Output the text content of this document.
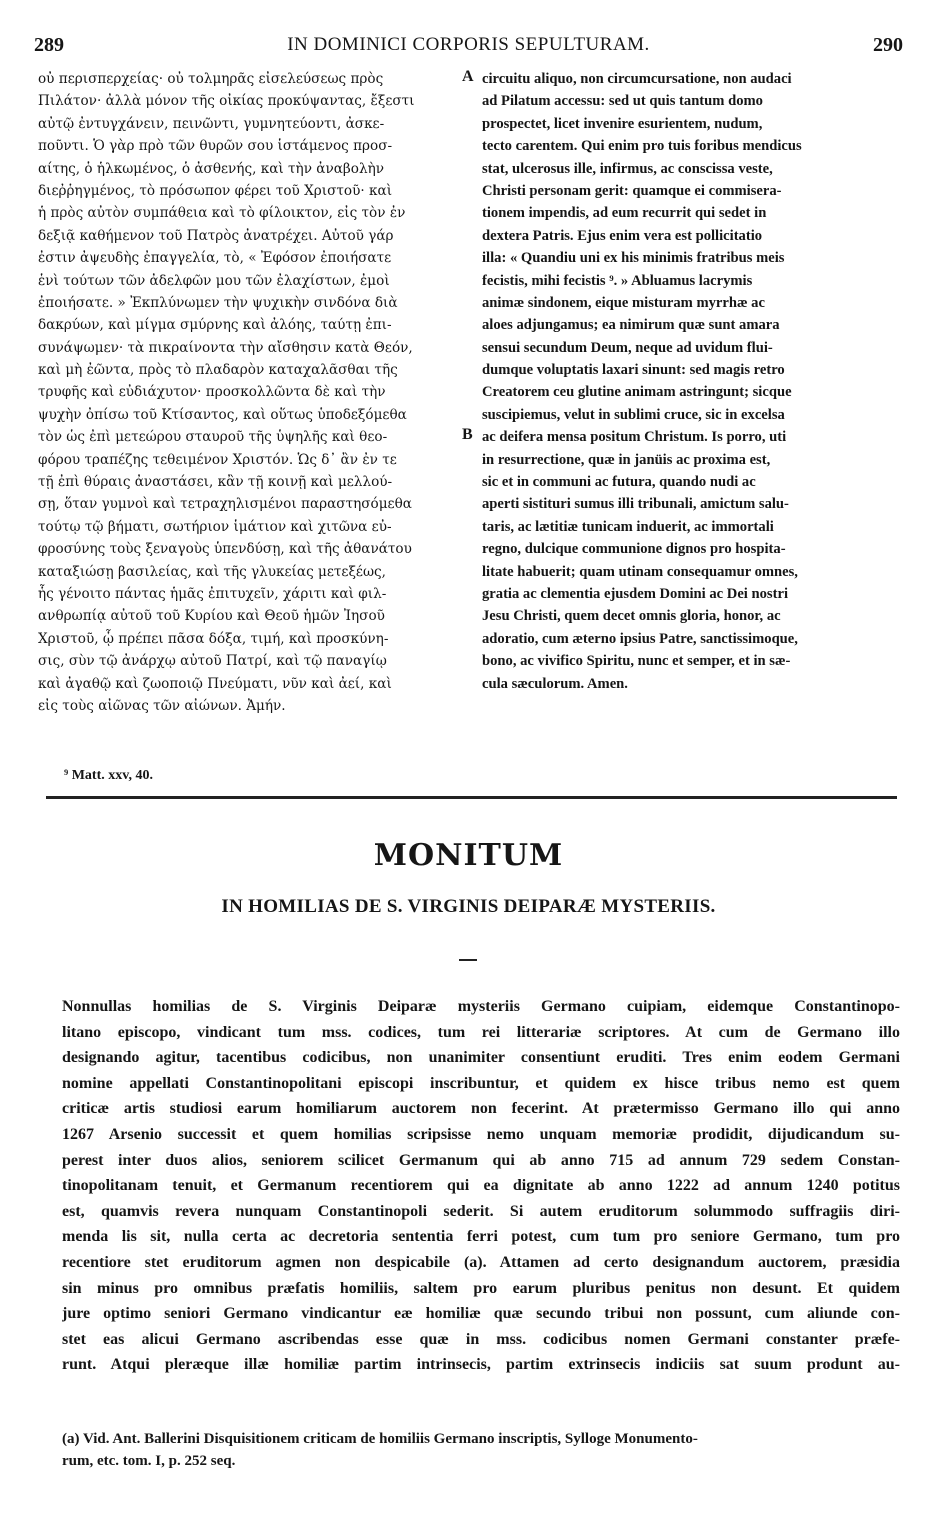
289	IN DOMINICI CORPORIS SEPULTURAM.	290
A
B
οὐ περισπερχείας· οὐ τολμηρᾶς εἰσελεύσεως πρὸς
Πιλάτον· ἀλλὰ μόνον τῆς οἰκίας προκύψαντας, ἔξεστι
αὐτῷ ἐντυγχάνειν, πεινῶντι, γυμνητεύοντι, ἀσκε-
ποῦντι. Ὁ γὰρ πρὸ τῶν θυρῶν σου ἱστάμενος προσ-
αίτης, ὁ ἡλκωμένος, ὁ ἀσθενής, καὶ τὴν ἀναβολὴν
διεῤῥηγμένος, τὸ πρόσωπον φέρει τοῦ Χριστοῦ· καὶ
ἡ πρὸς αὐτὸν συμπάθεια καὶ τὸ φίλοικτον, εἰς τὸν ἐν
δεξιᾷ καθήμενον τοῦ Πατρὸς ἀνατρέχει. Αὐτοῦ γάρ
ἐστιν ἀψευδὴς ἐπαγγελία, τὸ, « Ἐφόσον ἐποιήσατε
ἑνὶ τούτων τῶν ἀδελφῶν μου τῶν ἐλαχίστων, ἐμοὶ
ἐποιήσατε. » Ἐκπλύνωμεν τὴν ψυχικὴν σινδόνα διὰ
δακρύων, καὶ μίγμα σμύρνης καὶ ἀλόης, ταύτῃ ἐπι-
συνάψωμεν· τὰ πικραίνοντα τὴν αἴσθησιν κατὰ Θεόν,
καὶ μὴ ἐῶντα, πρὸς τὸ πλαδαρὸν καταχαλᾶσθαι τῆς
τρυφῆς καὶ εὐδιάχυτον· προσκολλῶντα δὲ καὶ τὴν
ψυχὴν ὀπίσω τοῦ Κτίσαντος, καὶ οὕτως ὑποδεξόμεθα
τὸν ὡς ἐπὶ μετεώρου σταυροῦ τῆς ὑψηλῆς καὶ θεο-
φόρου τραπέζης τεθειμένον Χριστόν. Ὡς δ᾽ ἂν ἐν τε
τῇ ἐπὶ θύραις ἀναστάσει, κἂν τῇ κοινῇ καὶ μελλού-
σῃ, ὅταν γυμνοὶ καὶ τετραχηλισμένοι παραστησόμεθα
τούτῳ τῷ βήματι, σωτήριον ἱμάτιον καὶ χιτῶνα εὐ-
φροσύνης τοὺς ξεναγοὺς ὑπενδύσῃ, καὶ τῆς ἀθανάτου
καταξιώσῃ βασιλείας, καὶ τῆς γλυκείας μετεξέως,
ἧς γένοιτο πάντας ἡμᾶς ἐπιτυχεῖν, χάριτι καὶ φιλ-
ανθρωπίᾳ αὐτοῦ τοῦ Κυρίου καὶ Θεοῦ ἡμῶν Ἰησοῦ
Χριστοῦ, ᾧ πρέπει πᾶσα δόξα, τιμή, καὶ προσκύνη-
σις, σὺν τῷ ἀνάρχῳ αὐτοῦ Πατρί, καὶ τῷ παναγίῳ
καὶ ἀγαθῷ καὶ ζωοποιῷ Πνεύματι, νῦν καὶ ἀεί, καὶ
εἰς τοὺς αἰῶνας τῶν αἰώνων. Ἀμήν.
circuitu aliquo, non circumcursatione, non audaci
ad Pilatum accessu: sed ut quis tantum domo
prospectet, licet invenire esurientem, nudum,
tecto carentem. Qui enim pro tuis foribus mendicus
stat, ulcerosus ille, infirmus, ac conscissa veste,
Christi personam gerit: quamque ei commisera-
tionem impendis, ad eum recurrit qui sedet in
dextera Patris. Ejus enim vera est pollicitatio
illa: « Quandiu uni ex his minimis fratribus meis
fecistis, mihi fecistis ⁹. » Abluamus lacrymis
animæ sindonem, eique misturam myrrhæ ac
aloes adjungamus; ea nimirum quæ sunt amara
sensui secundum Deum, neque ad uvidum flui-
dumque voluptatis laxari sinunt: sed magis retro
Creatorem ceu glutine animam astringunt; sicque
suscipiemus, velut in sublimi cruce, sic in excelsa
ac deifera mensa positum Christum. Is porro, uti
in resurrectione, quæ in janüis ac proxima est,
sic et in communi ac futura, quando nudi ac
aperti sistituri sumus illi tribunali, amictum salu-
taris, ac lætitiæ tunicam induerit, ac immortali
regno, dulcique communione dignos pro hospita-
litate habuerit; quam utinam consequamur omnes,
gratia ac clementia ejusdem Domini ac Dei nostri
Jesu Christi, quem decet omnis gloria, honor, ac
adoratio, cum æterno ipsius Patre, sanctissimoque,
bono, ac vivifico Spiritu, nunc et semper, et in sæ-
cula sæculorum. Amen.
⁹ Matt. xxv, 40.
MONITUM
IN HOMILIAS DE S. VIRGINIS DEIPARÆ MYSTERIIS.
Nonnullas homilias de S. Virginis Deiparæ mysteriis Germano cuipiam, eidemque Constantinopo-
litano episcopo, vindicant tum mss. codices, tum rei litterariæ scriptores. At cum de Germano illo
designando agitur, tacentibus codicibus, non unanimiter consentiunt eruditi. Tres enim eodem Germani
nomine appellati Constantinopolitani episcopi inscribuntur, et quidem ex hisce tribus nemo est quem
criticæ artis studiosi earum homiliarum auctorem non fecerint. At prætermisso Germano illo qui anno
1267 Arsenio successit et quem homilias scripsisse nemo unquam memoriæ prodidit, dijudicandum su-
perest inter duos alios, seniorem scilicet Germanum qui ab anno 715 ad annum 729 sedem Constan-
tinopolitanam tenuit, et Germanum recentiorem qui ea dignitate ab anno 1222 ad annum 1240 potitus
est, quamvis revera nunquam Constantinopoli sederit. Si autem eruditorum solummodo suffragiis diri-
menda lis sit, nulla certa ac decretoria sententia ferri potest, cum tum pro seniore Germano, tum pro
recentiore stet eruditorum agmen non despicabile (a). Attamen ad certo designandum auctorem, præsidia
sin minus pro omnibus præfatis homiliis, saltem pro earum pluribus penitus non desunt. Et quidem
jure optimo seniori Germano vindicantur eæ homiliæ quæ secundo tribui non possunt, cum aliunde con-
stet eas alicui Germano ascribendas esse quæ in mss. codicibus nomen Germani constanter præfe-
runt. Atqui pleræque illæ homiliæ partim intrinsecis, partim extrinsecis indiciis sat suum produnt au-
(a) Vid. Ant. Ballerini Disquisitionem criticam de homiliis Germano inscriptis, Sylloge Monumento-
rum, etc. tom. I, p. 252 seq.
